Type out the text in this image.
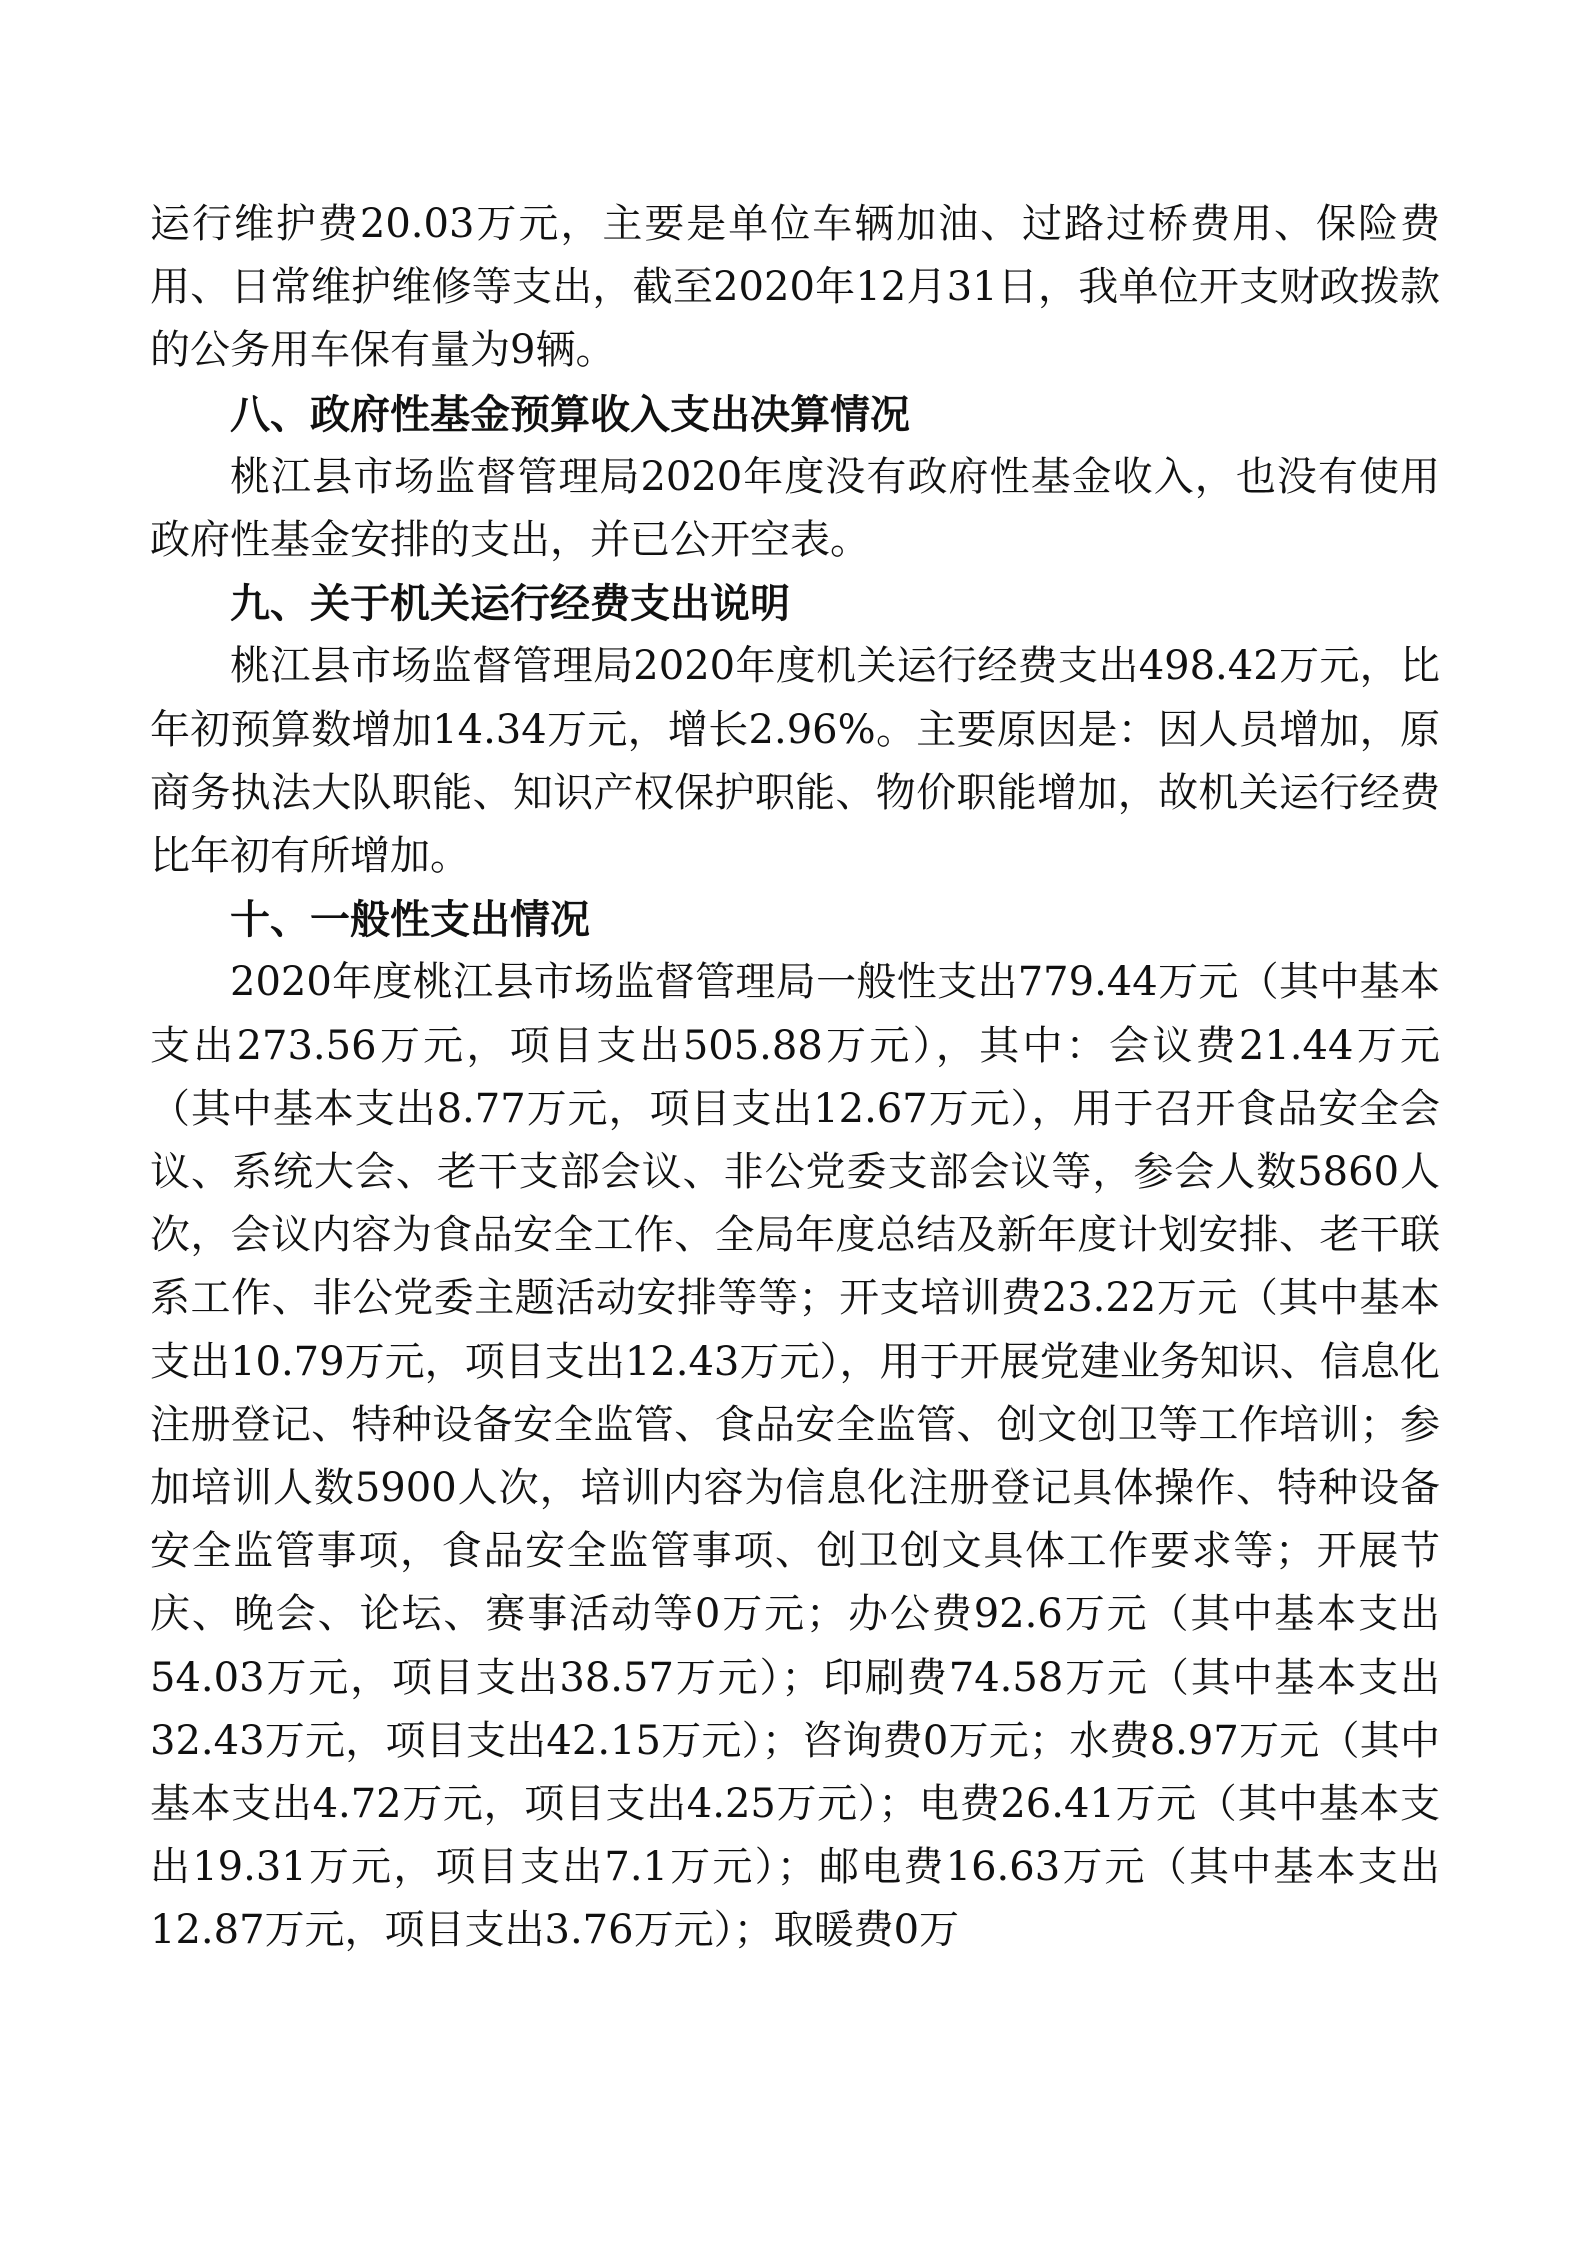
运行维护费20.03万元，主要是单位车辆加油、过路过桥费用、保险费用、日常维护维修等支出，截至2020年12月31日，我单位开支财政拨款的公务用车保有量为9辆。

八、政府性基金预算收入支出决算情况

桃江县市场监督管理局2020年度没有政府性基金收入，也没有使用政府性基金安排的支出，并已公开空表。

九、关于机关运行经费支出说明

桃江县市场监督管理局2020年度机关运行经费支出498.42万元，比年初预算数增加14.34万元，增长2.96%。主要原因是：因人员增加，原商务执法大队职能、知识产权保护职能、物价职能增加，故机关运行经费比年初有所增加。

十、一般性支出情况

2020年度桃江县市场监督管理局一般性支出779.44万元（其中基本支出273.56万元，项目支出505.88万元），其中：会议费21.44万元（其中基本支出8.77万元，项目支出12.67万元），用于召开食品安全会议、系统大会、老干支部会议、非公党委支部会议等，参会人数5860人次，会议内容为食品安全工作、全局年度总结及新年度计划安排、老干联系工作、非公党委主题活动安排等等；开支培训费23.22万元（其中基本支出10.79万元，项目支出12.43万元），用于开展党建业务知识、信息化注册登记、特种设备安全监管、食品安全监管、创文创卫等工作培训；参加培训人数5900人次，培训内容为信息化注册登记具体操作、特种设备安全监管事项，食品安全监管事项、创卫创文具体工作要求等；开展节庆、晚会、论坛、赛事活动等0万元；办公费92.6万元（其中基本支出54.03万元，项目支出38.57万元）；印刷费74.58万元（其中基本支出32.43万元，项目支出42.15万元）；咨询费0万元；水费8.97万元（其中基本支出4.72万元，项目支出4.25万元）；电费26.41万元（其中基本支出19.31万元，项目支出7.1万元）；邮电费16.63万元（其中基本支出12.87万元，项目支出3.76万元）；取暖费0万
